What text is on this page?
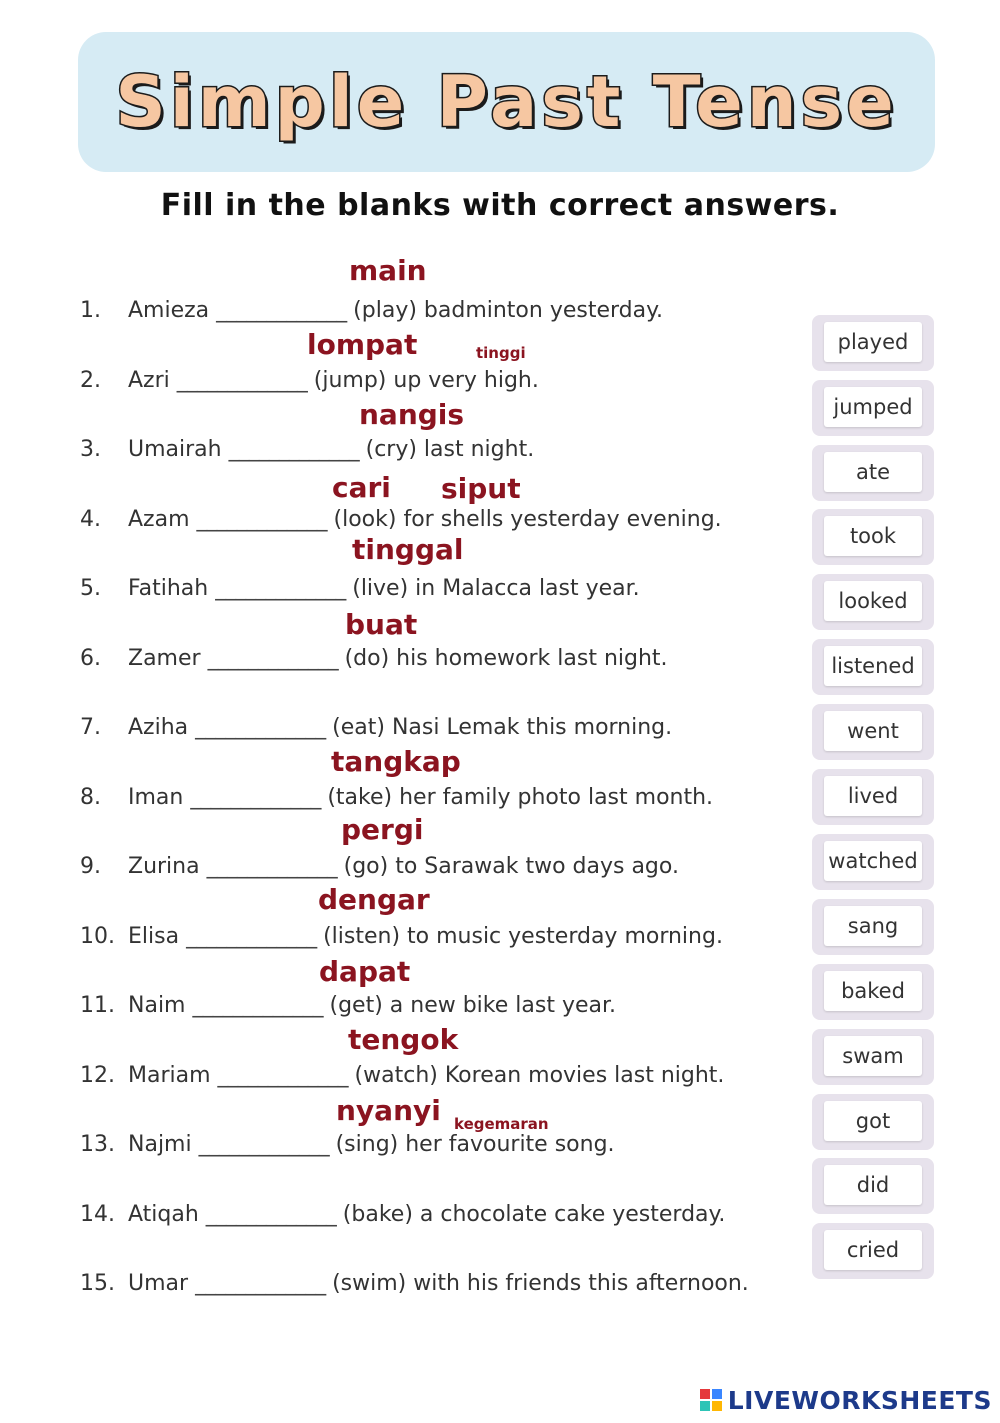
Simple Past Tense
Fill in the blanks with correct answers.
1. Amieza _____________ (play) badminton yesterday.
2. Azri _____________ (jump) up very high.
3. Umairah _____________ (cry) last night.
4. Azam _____________ (look) for shells yesterday evening.
5. Fatihah _____________ (live) in Malacca last year.
6. Zamer _____________ (do) his homework last night.
7. Aziha _____________ (eat) Nasi Lemak this morning.
8. Iman _____________ (take) her family photo last month.
9. Zurina _____________ (go) to Sarawak two days ago.
10. Elisa _____________ (listen) to music yesterday morning.
11. Naim _____________ (get) a new bike last year.
12. Mariam _____________ (watch) Korean movies last night.
13. Najmi _____________ (sing) her favourite song.
14. Atiqah _____________ (bake) a chocolate cake yesterday.
15. Umar _____________ (swim) with his friends this afternoon.
main
lompat	tinggi
nangis
cari siput
tinggal
buat
tangkap
pergi
dengar
dapat
tengok
nyanyi kegemaran
played
jumped
ate
took
looked
listened
went
lived
watched
sang
baked
swam
got
did
cried
LIVEWORKSHEETS
